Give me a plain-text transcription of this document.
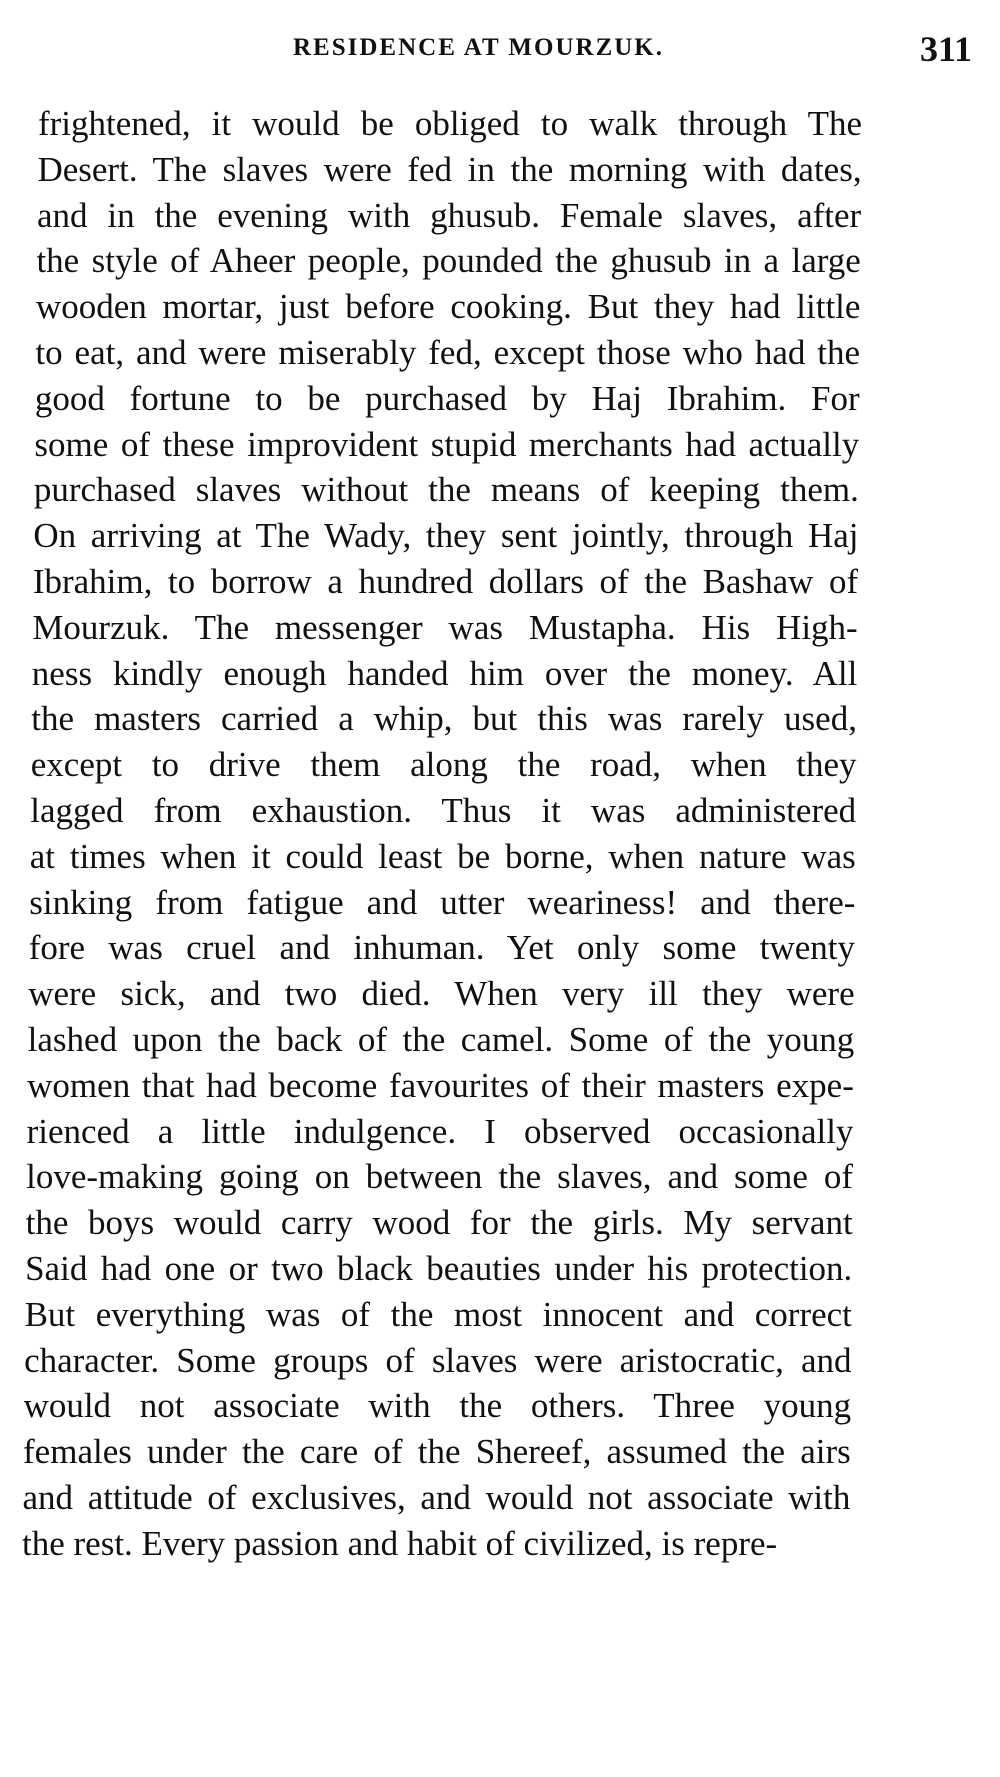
RESIDENCE AT MOURZUK.	311
frightened, it would be obliged to walk through The
Desert. The slaves were fed in the morning with dates,
and in the evening with ghusub. Female slaves, after
the style of Aheer people, pounded the ghusub in a large
wooden mortar, just before cooking. But they had little
to eat, and were miserably fed, except those who had the
good fortune to be purchased by Haj Ibrahim. For
some of these improvident stupid merchants had actually
purchased slaves without the means of keeping them.
On arriving at The Wady, they sent jointly, through Haj
Ibrahim, to borrow a hundred dollars of the Bashaw of
Mourzuk. The messenger was Mustapha. His High-
ness kindly enough handed him over the money. All
the masters carried a whip, but this was rarely used,
except to drive them along the road, when they
lagged from exhaustion. Thus it was administered
at times when it could least be borne, when nature was
sinking from fatigue and utter weariness! and there-
fore was cruel and inhuman. Yet only some twenty
were sick, and two died. When very ill they were
lashed upon the back of the camel. Some of the young
women that had become favourites of their masters expe-
rienced a little indulgence. I observed occasionally
love-making going on between the slaves, and some of
the boys would carry wood for the girls. My servant
Said had one or two black beauties under his protection.
But everything was of the most innocent and correct
character. Some groups of slaves were aristocratic, and
would not associate with the others. Three young
females under the care of the Shereef, assumed the airs
and attitude of exclusives, and would not associate with
the rest. Every passion and habit of civilized, is repre-
